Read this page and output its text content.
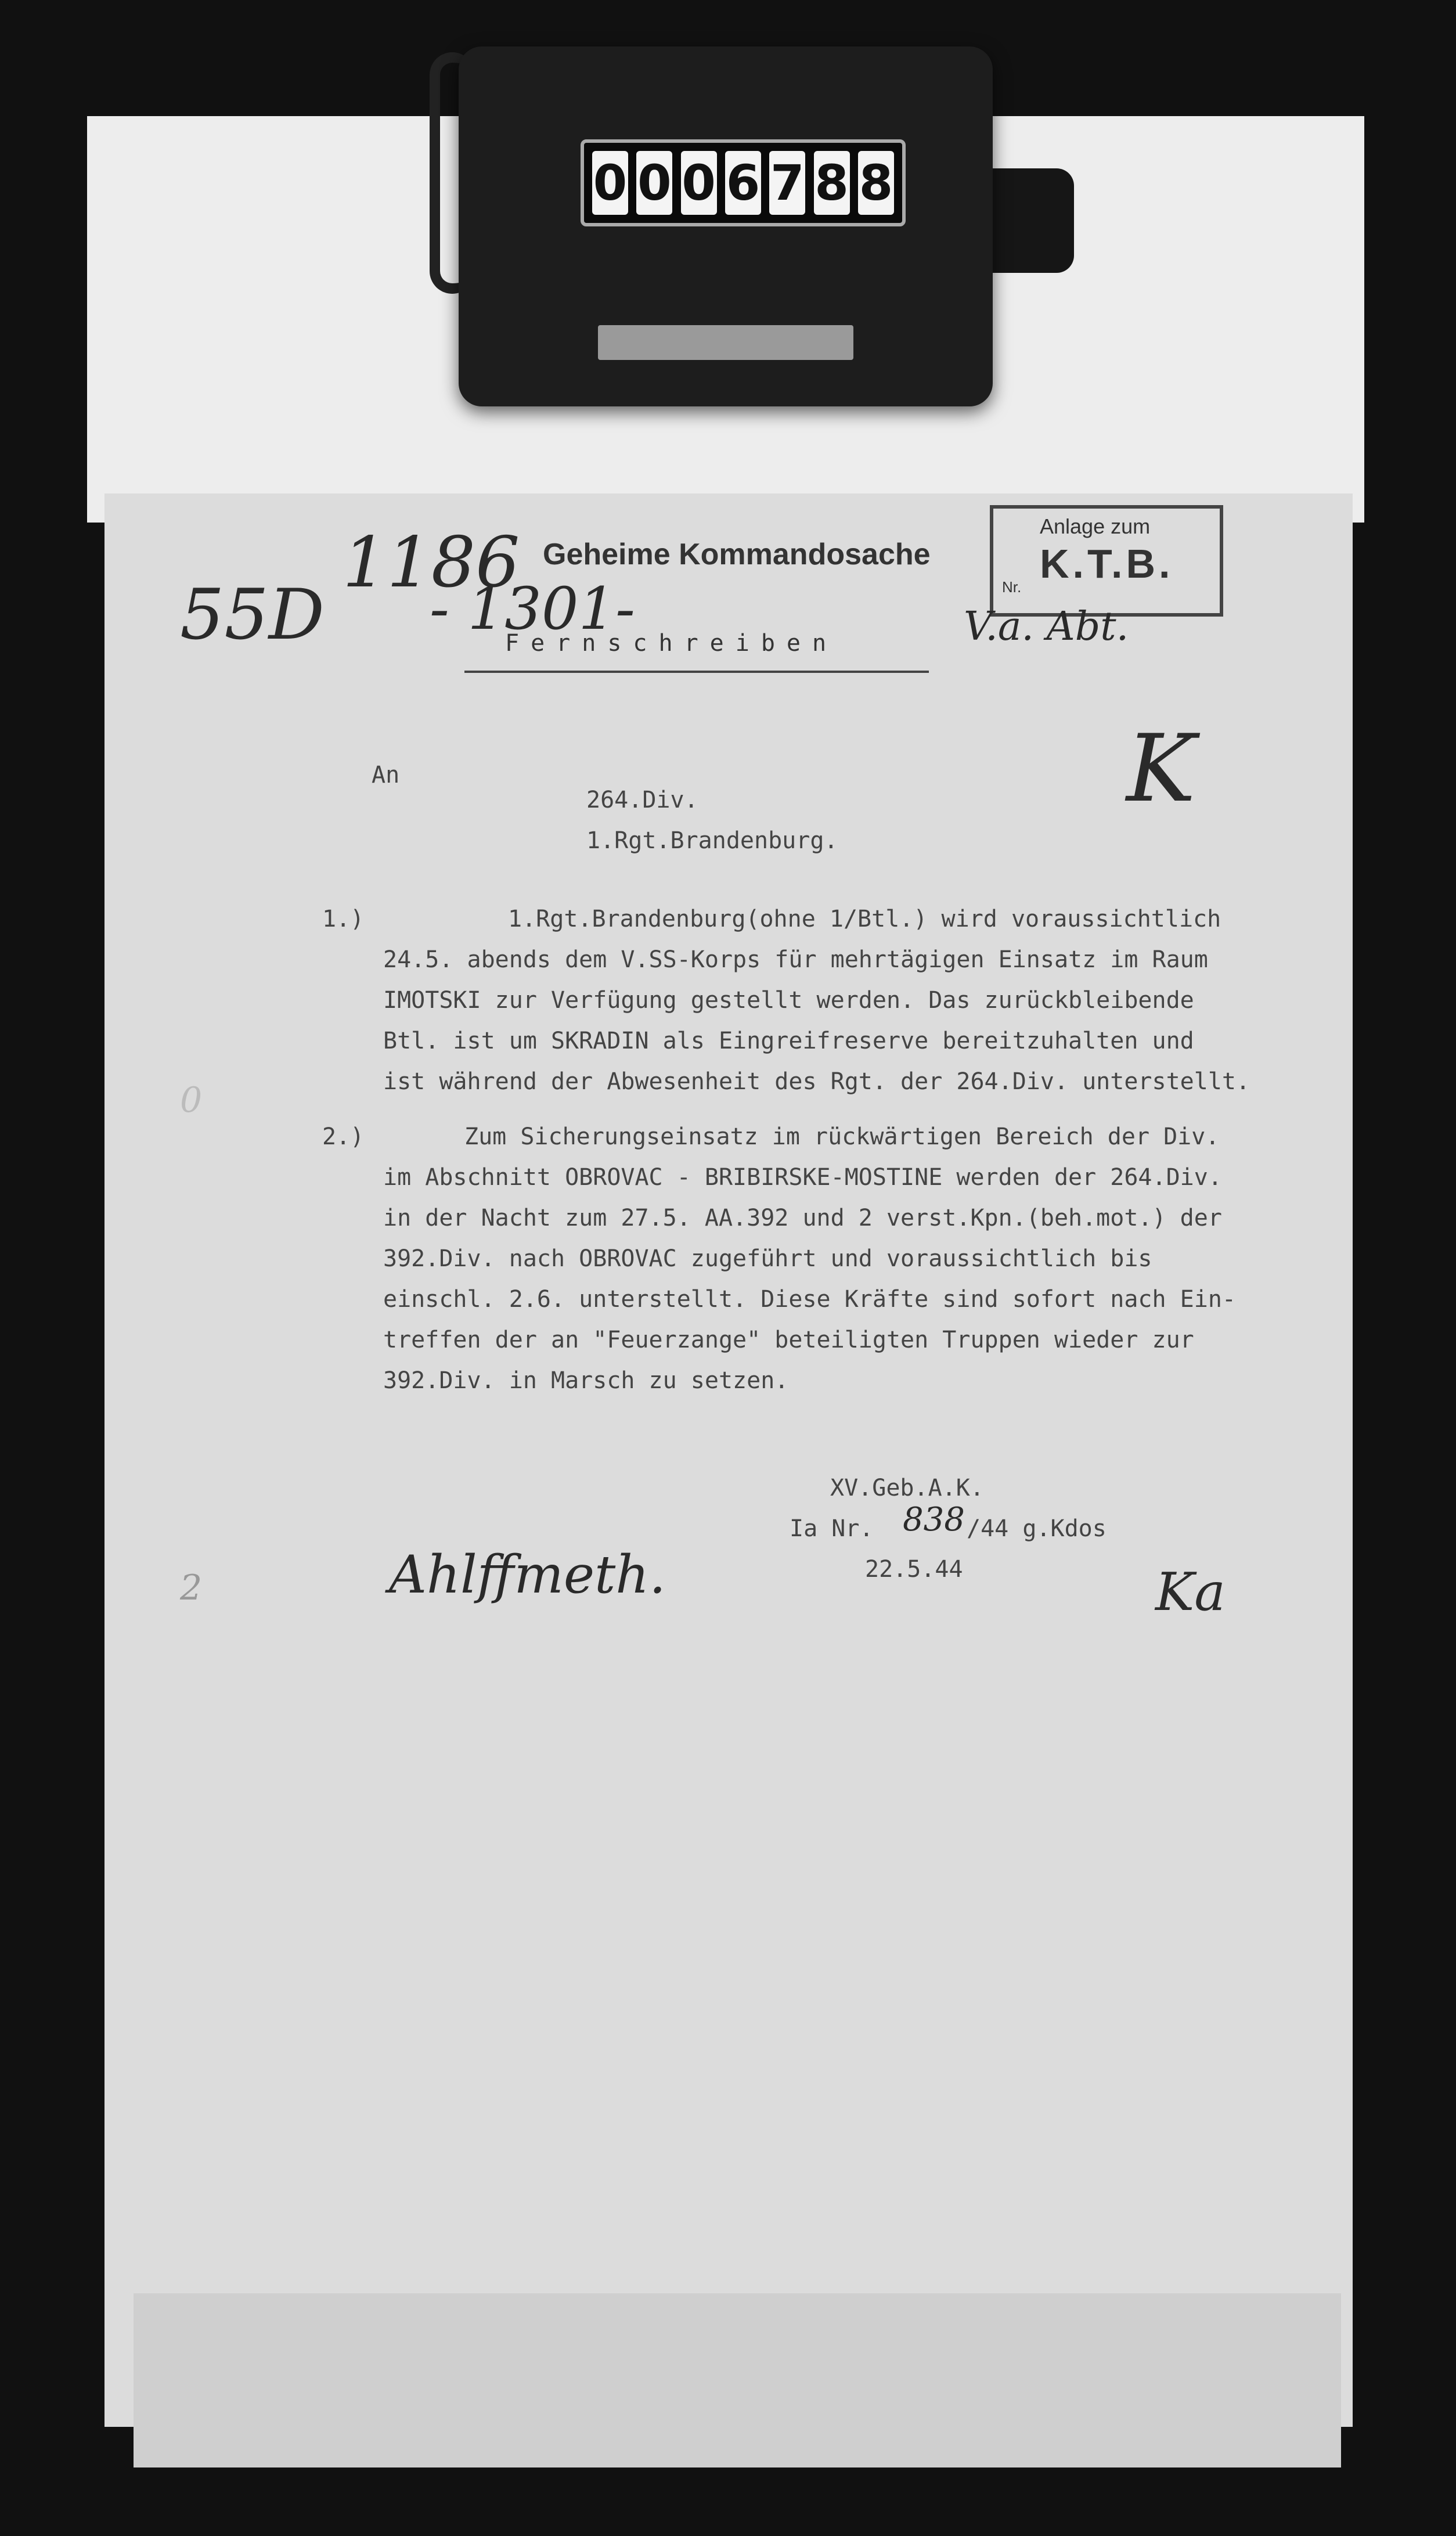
0 0 0 6 7 8 8
Anlage zum
K.T.B.
Nr.
55D
1186
- 1301-	V.a. Abt.
K
Ahlffmeth.	Ka
2
0
Geheime Kommandosache
Fernschreiben
An
264.Div.
1.Rgt.Brandenburg.
1.)	1.Rgt.Brandenburg(ohne 1/Btl.) wird voraussichtlich
24.5. abends dem V.SS-Korps für mehrtägigen Einsatz im Raum
IMOTSKI zur Verfügung gestellt werden. Das zurückbleibende
Btl. ist um SKRADIN als Eingreifreserve bereitzuhalten und
ist während der Abwesenheit des Rgt. der 264.Div. unterstellt.
2.)	Zum Sicherungseinsatz im rückwärtigen Bereich der Div.
im Abschnitt OBROVAC - BRIBIRSKE-MOSTINE werden der 264.Div.
in der Nacht zum 27.5. AA.392 und 2 verst.Kpn.(beh.mot.) der
392.Div. nach OBROVAC zugeführt und voraussichtlich bis
einschl. 2.6. unterstellt. Diese Kräfte sind sofort nach Ein-
treffen der an "Feuerzange" beteiligten Truppen wieder zur
392.Div. in Marsch zu setzen.
XV.Geb.A.K.
Ia Nr. 838 /44 g.Kdos
22.5.44
